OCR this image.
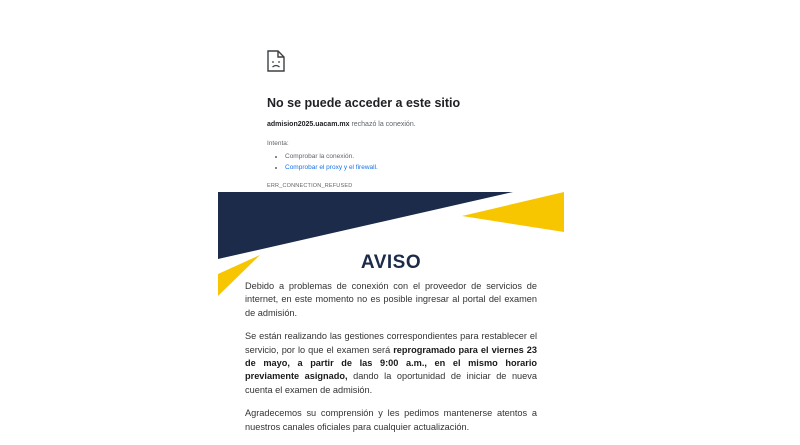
No se puede acceder a este sitio

admision2025.uacam.mx rechazó la conexión.

Intenta:

• Comprobar la conexión.
• Comprobar el proxy y el firewall.

ERR_CONNECTION_REFUSED

AVISO

Debido a problemas de conexión con el proveedor de servicios de internet, en este momento no es posible ingresar al portal del examen de admisión.

Se están realizando las gestiones correspondientes para restablecer el servicio, por lo que el examen será reprogramado para el viernes 23 de mayo, a partir de las 9:00 a.m., en el mismo horario previamente asignado, dando la oportunidad de iniciar de nueva cuenta el examen de admisión.

Agradecemos su comprensión y les pedimos mantenerse atentos a nuestros canales oficiales para cualquier actualización.
